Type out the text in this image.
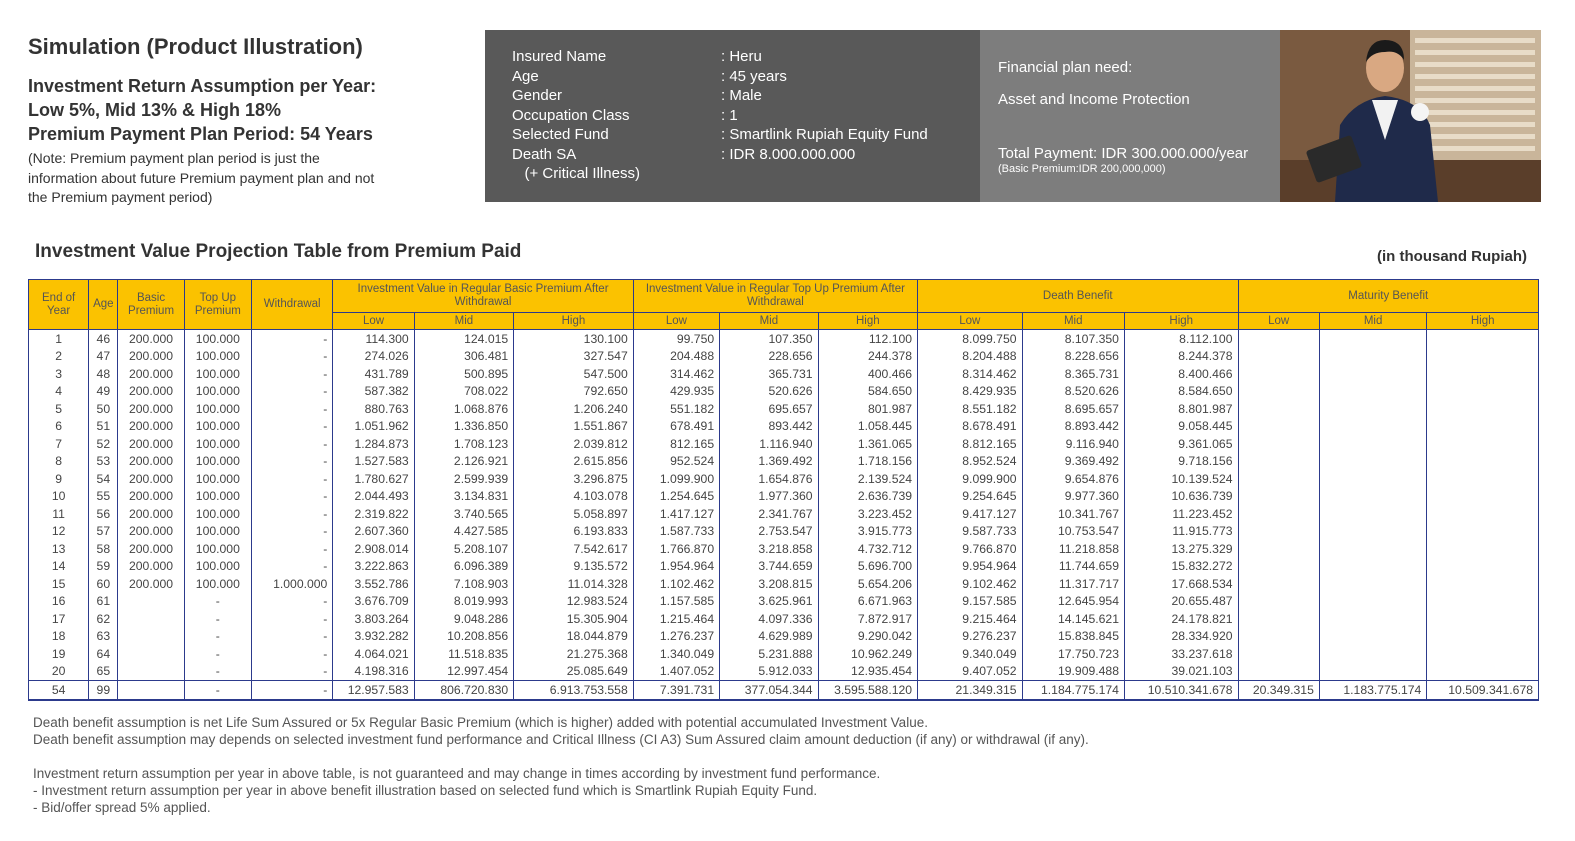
Simulation (Product Illustration)
Investment Return Assumption per Year:
Low 5%, Mid 13% & High 18%
Premium Payment Plan Period: 54 Years
(Note: Premium payment plan period is just the information about future Premium payment plan and not the Premium payment period)
Insured Name	: Heru
Age	: 45 years
Gender	: Male
Occupation Class	: 1
Selected Fund	: Smartlink Rupiah Equity Fund
Death SA	: IDR 8.000.000.000
(+ Critical Illness)
Financial plan need:
Asset and Income Protection
Total Payment: IDR 300.000.000/year
(Basic Premium:IDR 200,000,000)
Investment Value Projection Table from Premium Paid	(in thousand Rupiah)
End of Year	Age	Basic Premium	Top Up Premium	Withdrawal	Investment Value in Regular Basic Premium After Withdrawal			Investment Value in Regular Top Up Premium After Withdrawal			Death Benefit			Maturity Benefit		
					Low	Mid	High	Low	Mid	High	Low	Mid	High	Low	Mid	High
1	46	200.000	100.000	-	114.300	124.015	130.100	99.750	107.350	112.100	8.099.750	8.107.350	8.112.100			
2	47	200.000	100.000	-	274.026	306.481	327.547	204.488	228.656	244.378	8.204.488	8.228.656	8.244.378			
3	48	200.000	100.000	-	431.789	500.895	547.500	314.462	365.731	400.466	8.314.462	8.365.731	8.400.466			
4	49	200.000	100.000	-	587.382	708.022	792.650	429.935	520.626	584.650	8.429.935	8.520.626	8.584.650			
5	50	200.000	100.000	-	880.763	1.068.876	1.206.240	551.182	695.657	801.987	8.551.182	8.695.657	8.801.987			
6	51	200.000	100.000	-	1.051.962	1.336.850	1.551.867	678.491	893.442	1.058.445	8.678.491	8.893.442	9.058.445			
7	52	200.000	100.000	-	1.284.873	1.708.123	2.039.812	812.165	1.116.940	1.361.065	8.812.165	9.116.940	9.361.065			
8	53	200.000	100.000	-	1.527.583	2.126.921	2.615.856	952.524	1.369.492	1.718.156	8.952.524	9.369.492	9.718.156			
9	54	200.000	100.000	-	1.780.627	2.599.939	3.296.875	1.099.900	1.654.876	2.139.524	9.099.900	9.654.876	10.139.524			
10	55	200.000	100.000	-	2.044.493	3.134.831	4.103.078	1.254.645	1.977.360	2.636.739	9.254.645	9.977.360	10.636.739			
11	56	200.000	100.000	-	2.319.822	3.740.565	5.058.897	1.417.127	2.341.767	3.223.452	9.417.127	10.341.767	11.223.452			
12	57	200.000	100.000	-	2.607.360	4.427.585	6.193.833	1.587.733	2.753.547	3.915.773	9.587.733	10.753.547	11.915.773			
13	58	200.000	100.000	-	2.908.014	5.208.107	7.542.617	1.766.870	3.218.858	4.732.712	9.766.870	11.218.858	13.275.329			
14	59	200.000	100.000	-	3.222.863	6.096.389	9.135.572	1.954.964	3.744.659	5.696.700	9.954.964	11.744.659	15.832.272			
15	60	200.000	100.000	1.000.000	3.552.786	7.108.903	11.014.328	1.102.462	3.208.815	5.654.206	9.102.462	11.317.717	17.668.534			
16	61		-	-	3.676.709	8.019.993	12.983.524	1.157.585	3.625.961	6.671.963	9.157.585	12.645.954	20.655.487			
17	62		-	-	3.803.264	9.048.286	15.305.904	1.215.464	4.097.336	7.872.917	9.215.464	14.145.621	24.178.821			
18	63		-	-	3.932.282	10.208.856	18.044.879	1.276.237	4.629.989	9.290.042	9.276.237	15.838.845	28.334.920			
19	64		-	-	4.064.021	11.518.835	21.275.368	1.340.049	5.231.888	10.962.249	9.340.049	17.750.723	33.237.618			
20	65		-	-	4.198.316	12.997.454	25.085.649	1.407.052	5.912.033	12.935.454	9.407.052	19.909.488	39.021.103			
54	99		-	-	12.957.583	806.720.830	6.913.753.558	7.391.731	377.054.344	3.595.588.120	21.349.315	1.184.775.174	10.510.341.678	20.349.315	1.183.775.174	10.509.341.678
Death benefit assumption is net Life Sum Assured or 5x Regular Basic Premium (which is higher) added with potential accumulated Investment Value.
Death benefit assumption may depends on selected investment fund performance and Critical Illness (CI A3) Sum Assured claim amount deduction (if any) or withdrawal (if any).
Investment return assumption per year in above table, is not guaranteed and may change in times according by investment fund performance.
- Investment return assumption per year in above benefit illustration based on selected fund which is Smartlink Rupiah Equity Fund.
- Bid/offer spread 5% applied.
